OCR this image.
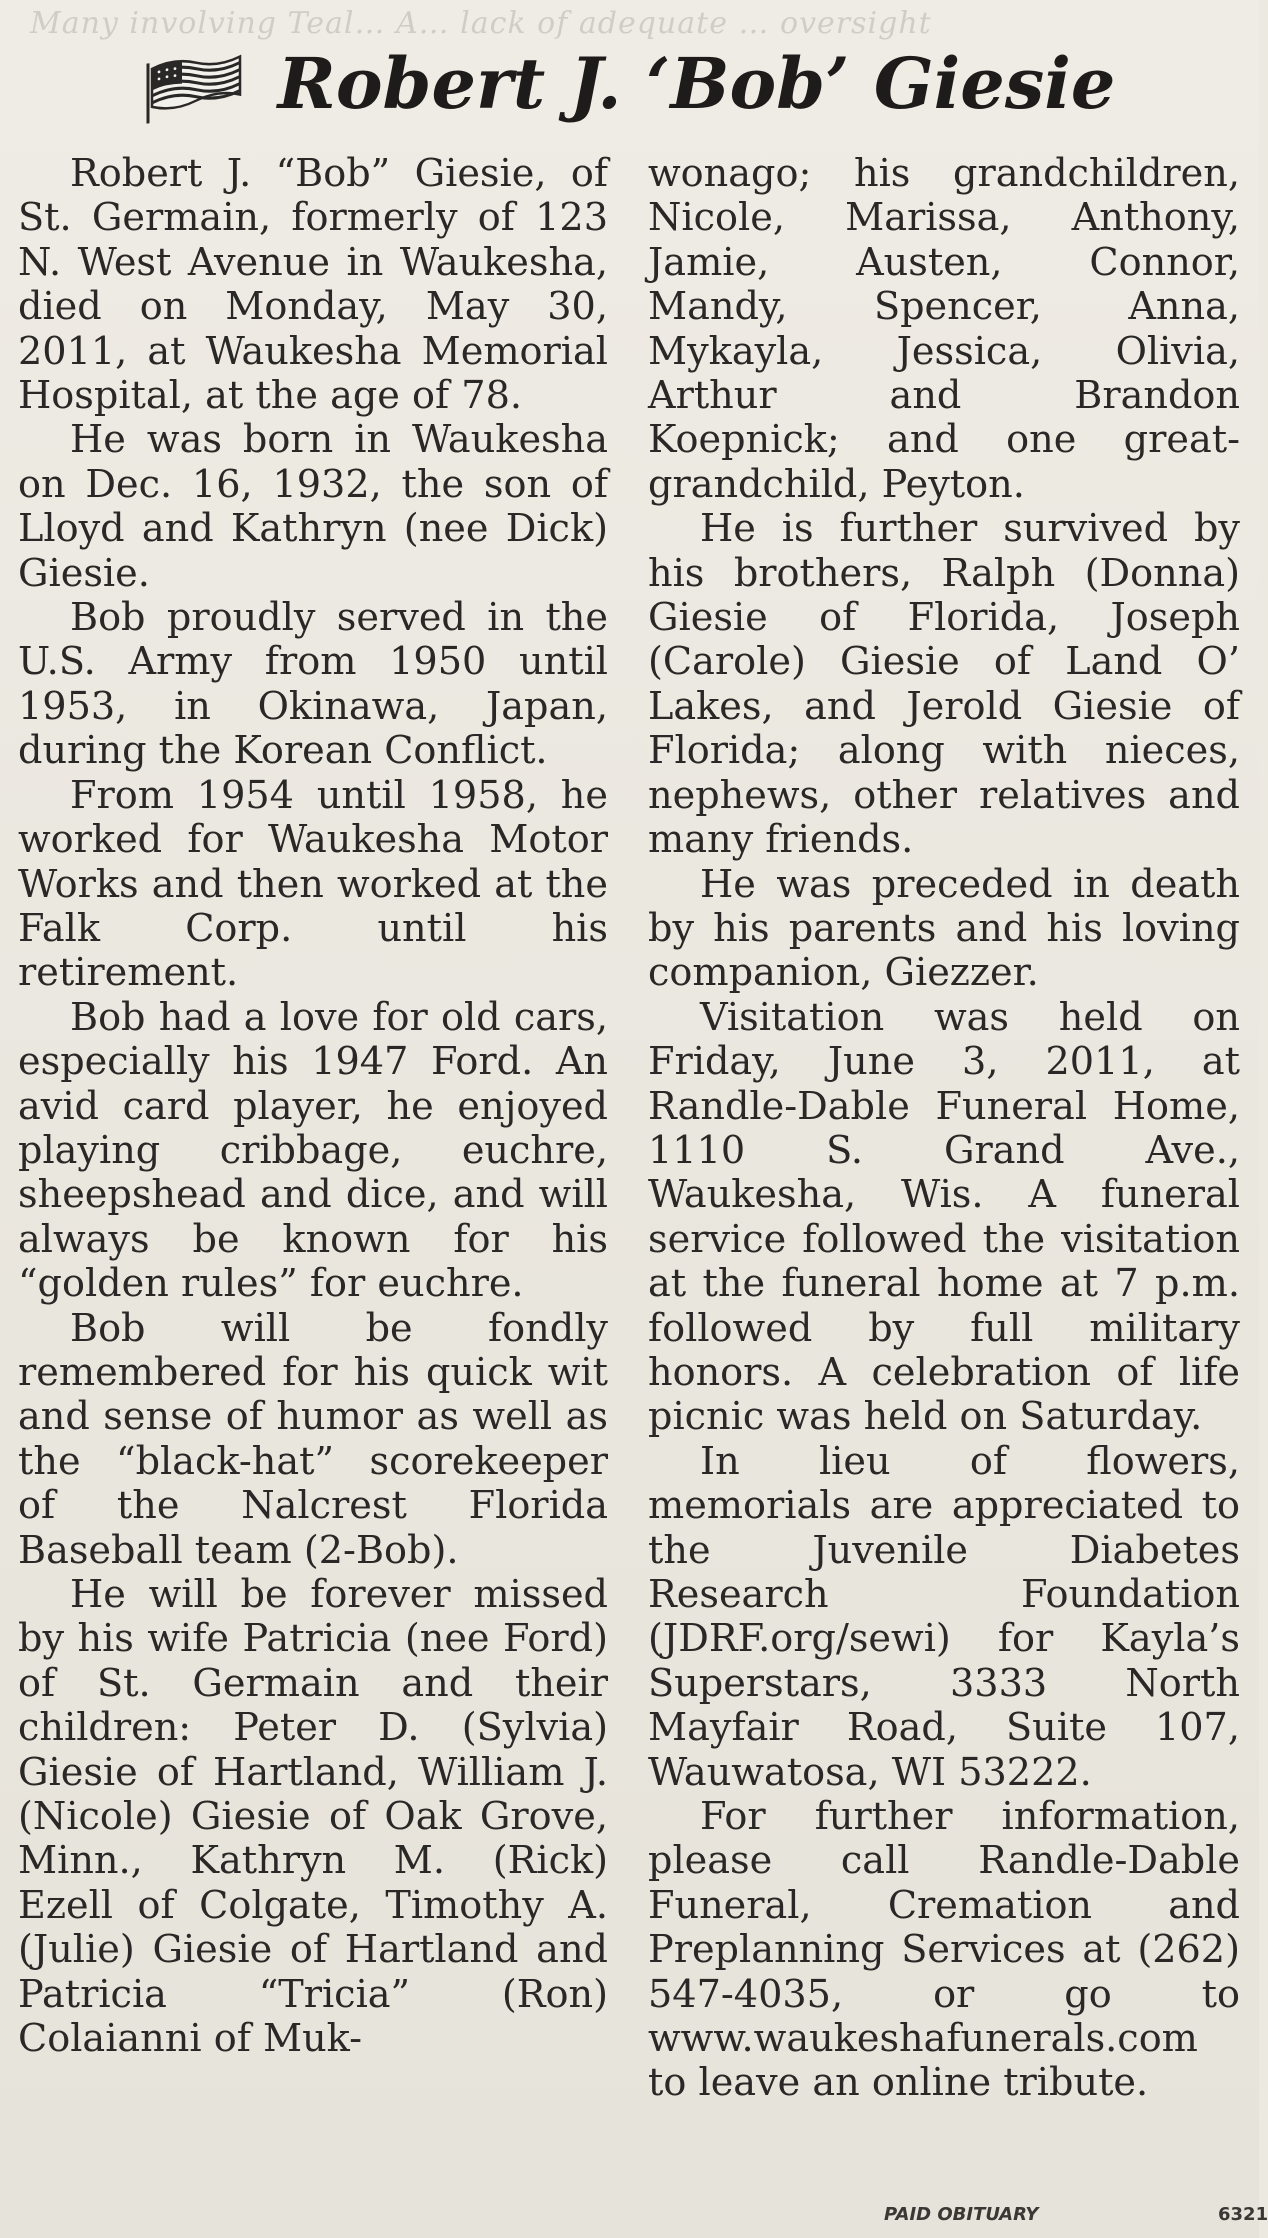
Many involving Teal… A… lack of adequate … oversight
Robert J. ‘Bob’ Giesie

Robert J. “Bob” Giesie, of St. Germain, formerly of 123 N. West Avenue in Waukesha, died on Monday, May 30, 2011, at Waukesha Memorial Hospital, at the age of 78.

He was born in Waukesha on Dec. 16, 1932, the son of Lloyd and Kathryn (nee Dick) Giesie.

Bob proudly served in the U.S. Army from 1950 until 1953, in Okinawa, Japan, during the Korean Conflict.

From 1954 until 1958, he worked for Waukesha Motor Works and then worked at the Falk Corp. until his retirement.

Bob had a love for old cars, especially his 1947 Ford. An avid card player, he enjoyed playing cribbage, euchre, sheepshead and dice, and will always be known for his “golden rules” for euchre.

Bob will be fondly remembered for his quick wit and sense of humor as well as the “black-hat” scorekeeper of the Nalcrest Florida Baseball team (2-Bob).

He will be forever missed by his wife Patricia (nee Ford) of St. Germain and their children: Peter D. (Sylvia) Giesie of Hartland, William J. (Nicole) Giesie of Oak Grove, Minn., Kathryn M. (Rick) Ezell of Colgate, Timothy A. (Julie) Giesie of Hartland and Patricia “Tricia” (Ron) Colaianni of Muk-

wonago; his grandchildren, Nicole, Marissa, Anthony, Jamie, Austen, Connor, Mandy, Spencer, Anna, Mykayla, Jessica, Olivia, Arthur and Brandon Koepnick; and one great-grandchild, Peyton.

He is further survived by his brothers, Ralph (Donna) Giesie of Florida, Joseph (Carole) Giesie of Land O’ Lakes, and Jerold Giesie of Florida; along with nieces, nephews, other relatives and many friends.

He was preceded in death by his parents and his loving companion, Giezzer.

Visitation was held on Friday, June 3, 2011, at Randle-Dable Funeral Home, 1110 S. Grand Ave., Waukesha, Wis. A funeral service followed the visitation at the funeral home at 7 p.m. followed by full military honors. A celebration of life picnic was held on Saturday.

In lieu of flowers, memorials are appreciated to the Juvenile Diabetes Research Foundation (JDRF.org/sewi) for Kayla’s Superstars, 3333 North Mayfair Road, Suite 107, Wauwatosa, WI 53222.

For further information, please call Randle-Dable Funeral, Cremation and Preplanning Services at (262) 547-4035, or go to www.waukeshafunerals.com to leave an online tribute.

PAID OBITUARY	6321
